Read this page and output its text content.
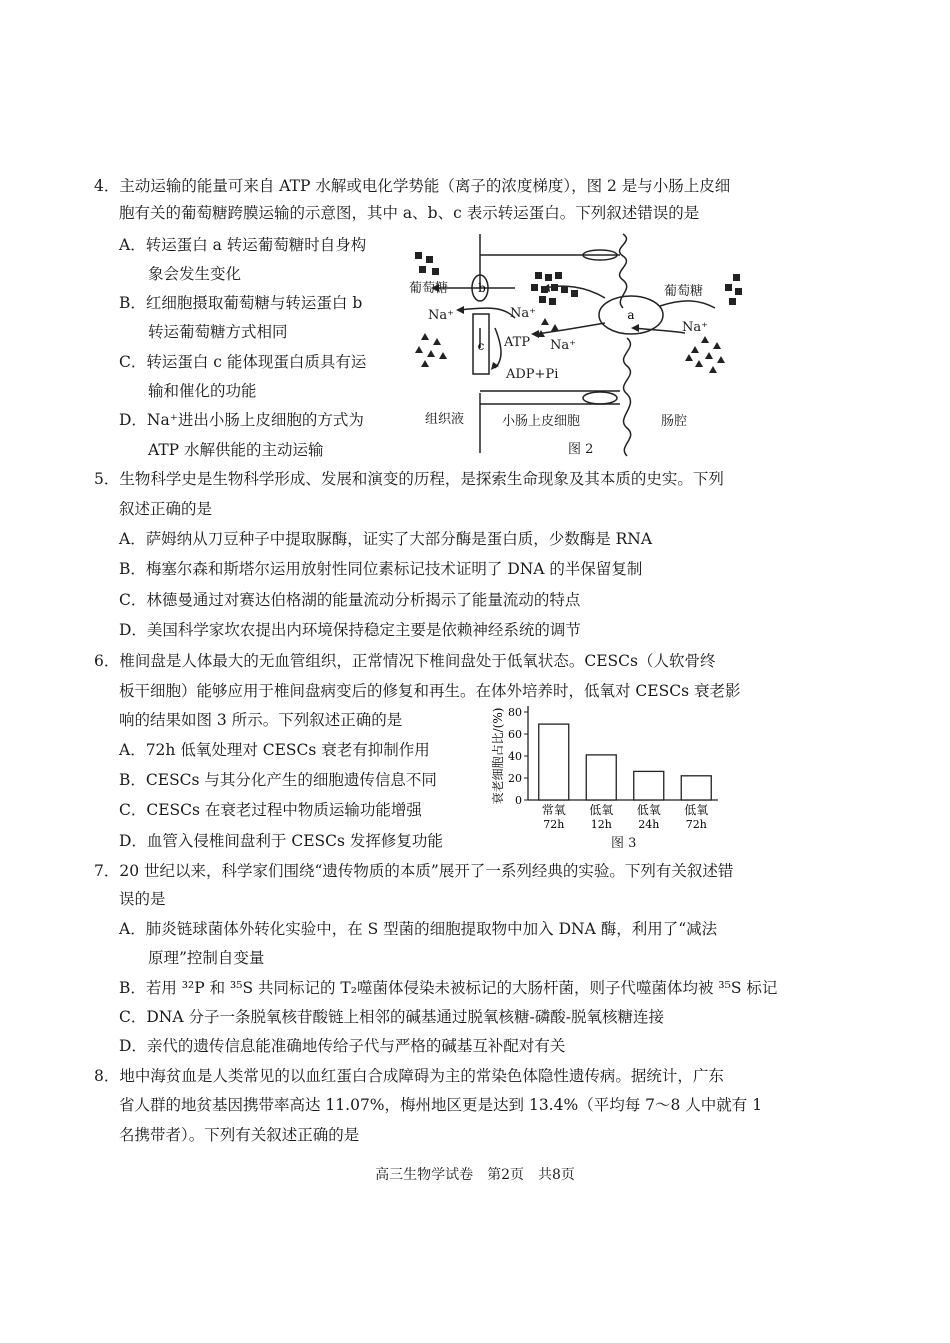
4．主动运输的能量可来自 ATP 水解或电化学势能（离子的浓度梯度），图 2 是与小肠上皮细
胞有关的葡萄糖跨膜运输的示意图，其中 a、b、c 表示转运蛋白。下列叙述错误的是
A．转运蛋白 a 转运葡萄糖时自身构
象会发生变化
B．红细胞摄取葡萄糖与转运蛋白 b
转运葡萄糖方式相同
C．转运蛋白 c 能体现蛋白质具有运
输和催化的功能
D．Na⁺进出小肠上皮细胞的方式为
ATP 水解供能的主动运输
b
a
c
葡萄糖	葡萄糖
Na⁺	Na⁺
Na⁺
Na⁺
ATP
ADP+Pi
组织液	小肠上皮细胞	肠腔
图 2
5．生物科学史是生物科学形成、发展和演变的历程，是探索生命现象及其本质的史实。下列
叙述正确的是
A．萨姆纳从刀豆种子中提取脲酶，证实了大部分酶是蛋白质，少数酶是 RNA
B．梅塞尔森和斯塔尔运用放射性同位素标记技术证明了 DNA 的半保留复制
C．林德曼通过对赛达伯格湖的能量流动分析揭示了能量流动的特点
D．美国科学家坎农提出内环境保持稳定主要是依赖神经系统的调节
6．椎间盘是人体最大的无血管组织，正常情况下椎间盘处于低氧状态。CESCs（人软骨终
板干细胞）能够应用于椎间盘病变后的修复和再生。在体外培养时，低氧对 CESCs 衰老影
响的结果如图 3 所示。下列叙述正确的是
A．72h 低氧处理对 CESCs 衰老有抑制作用
B．CESCs 与其分化产生的细胞遗传信息不同
C．CESCs 在衰老过程中物质运输功能增强
D．血管入侵椎间盘利于 CESCs 发挥修复功能
0
20
40
60
80
衰老细胞占比/(%)
常氧
72h
低氧
12h
低氧
24h
低氧
72h
图 3
7．20 世纪以来，科学家们围绕“遗传物质的本质”展开了一系列经典的实验。下列有关叙述错
误的是
A．肺炎链球菌体外转化实验中，在 S 型菌的细胞提取物中加入 DNA 酶，利用了“减法
原理”控制自变量
B．若用 ³²P 和 ³⁵S 共同标记的 T₂噬菌体侵染未被标记的大肠杆菌，则子代噬菌体均被 ³⁵S 标记
C．DNA 分子一条脱氧核苷酸链上相邻的碱基通过脱氧核糖-磷酸-脱氧核糖连接
D．亲代的遗传信息能准确地传给子代与严格的碱基互补配对有关
8．地中海贫血是人类常见的以血红蛋白合成障碍为主的常染色体隐性遗传病。据统计，广东
省人群的地贫基因携带率高达 11.07%，梅州地区更是达到 13.4%（平均每 7～8 人中就有 1
名携带者）。下列有关叙述正确的是
高三生物学试卷　第2页　共8页
